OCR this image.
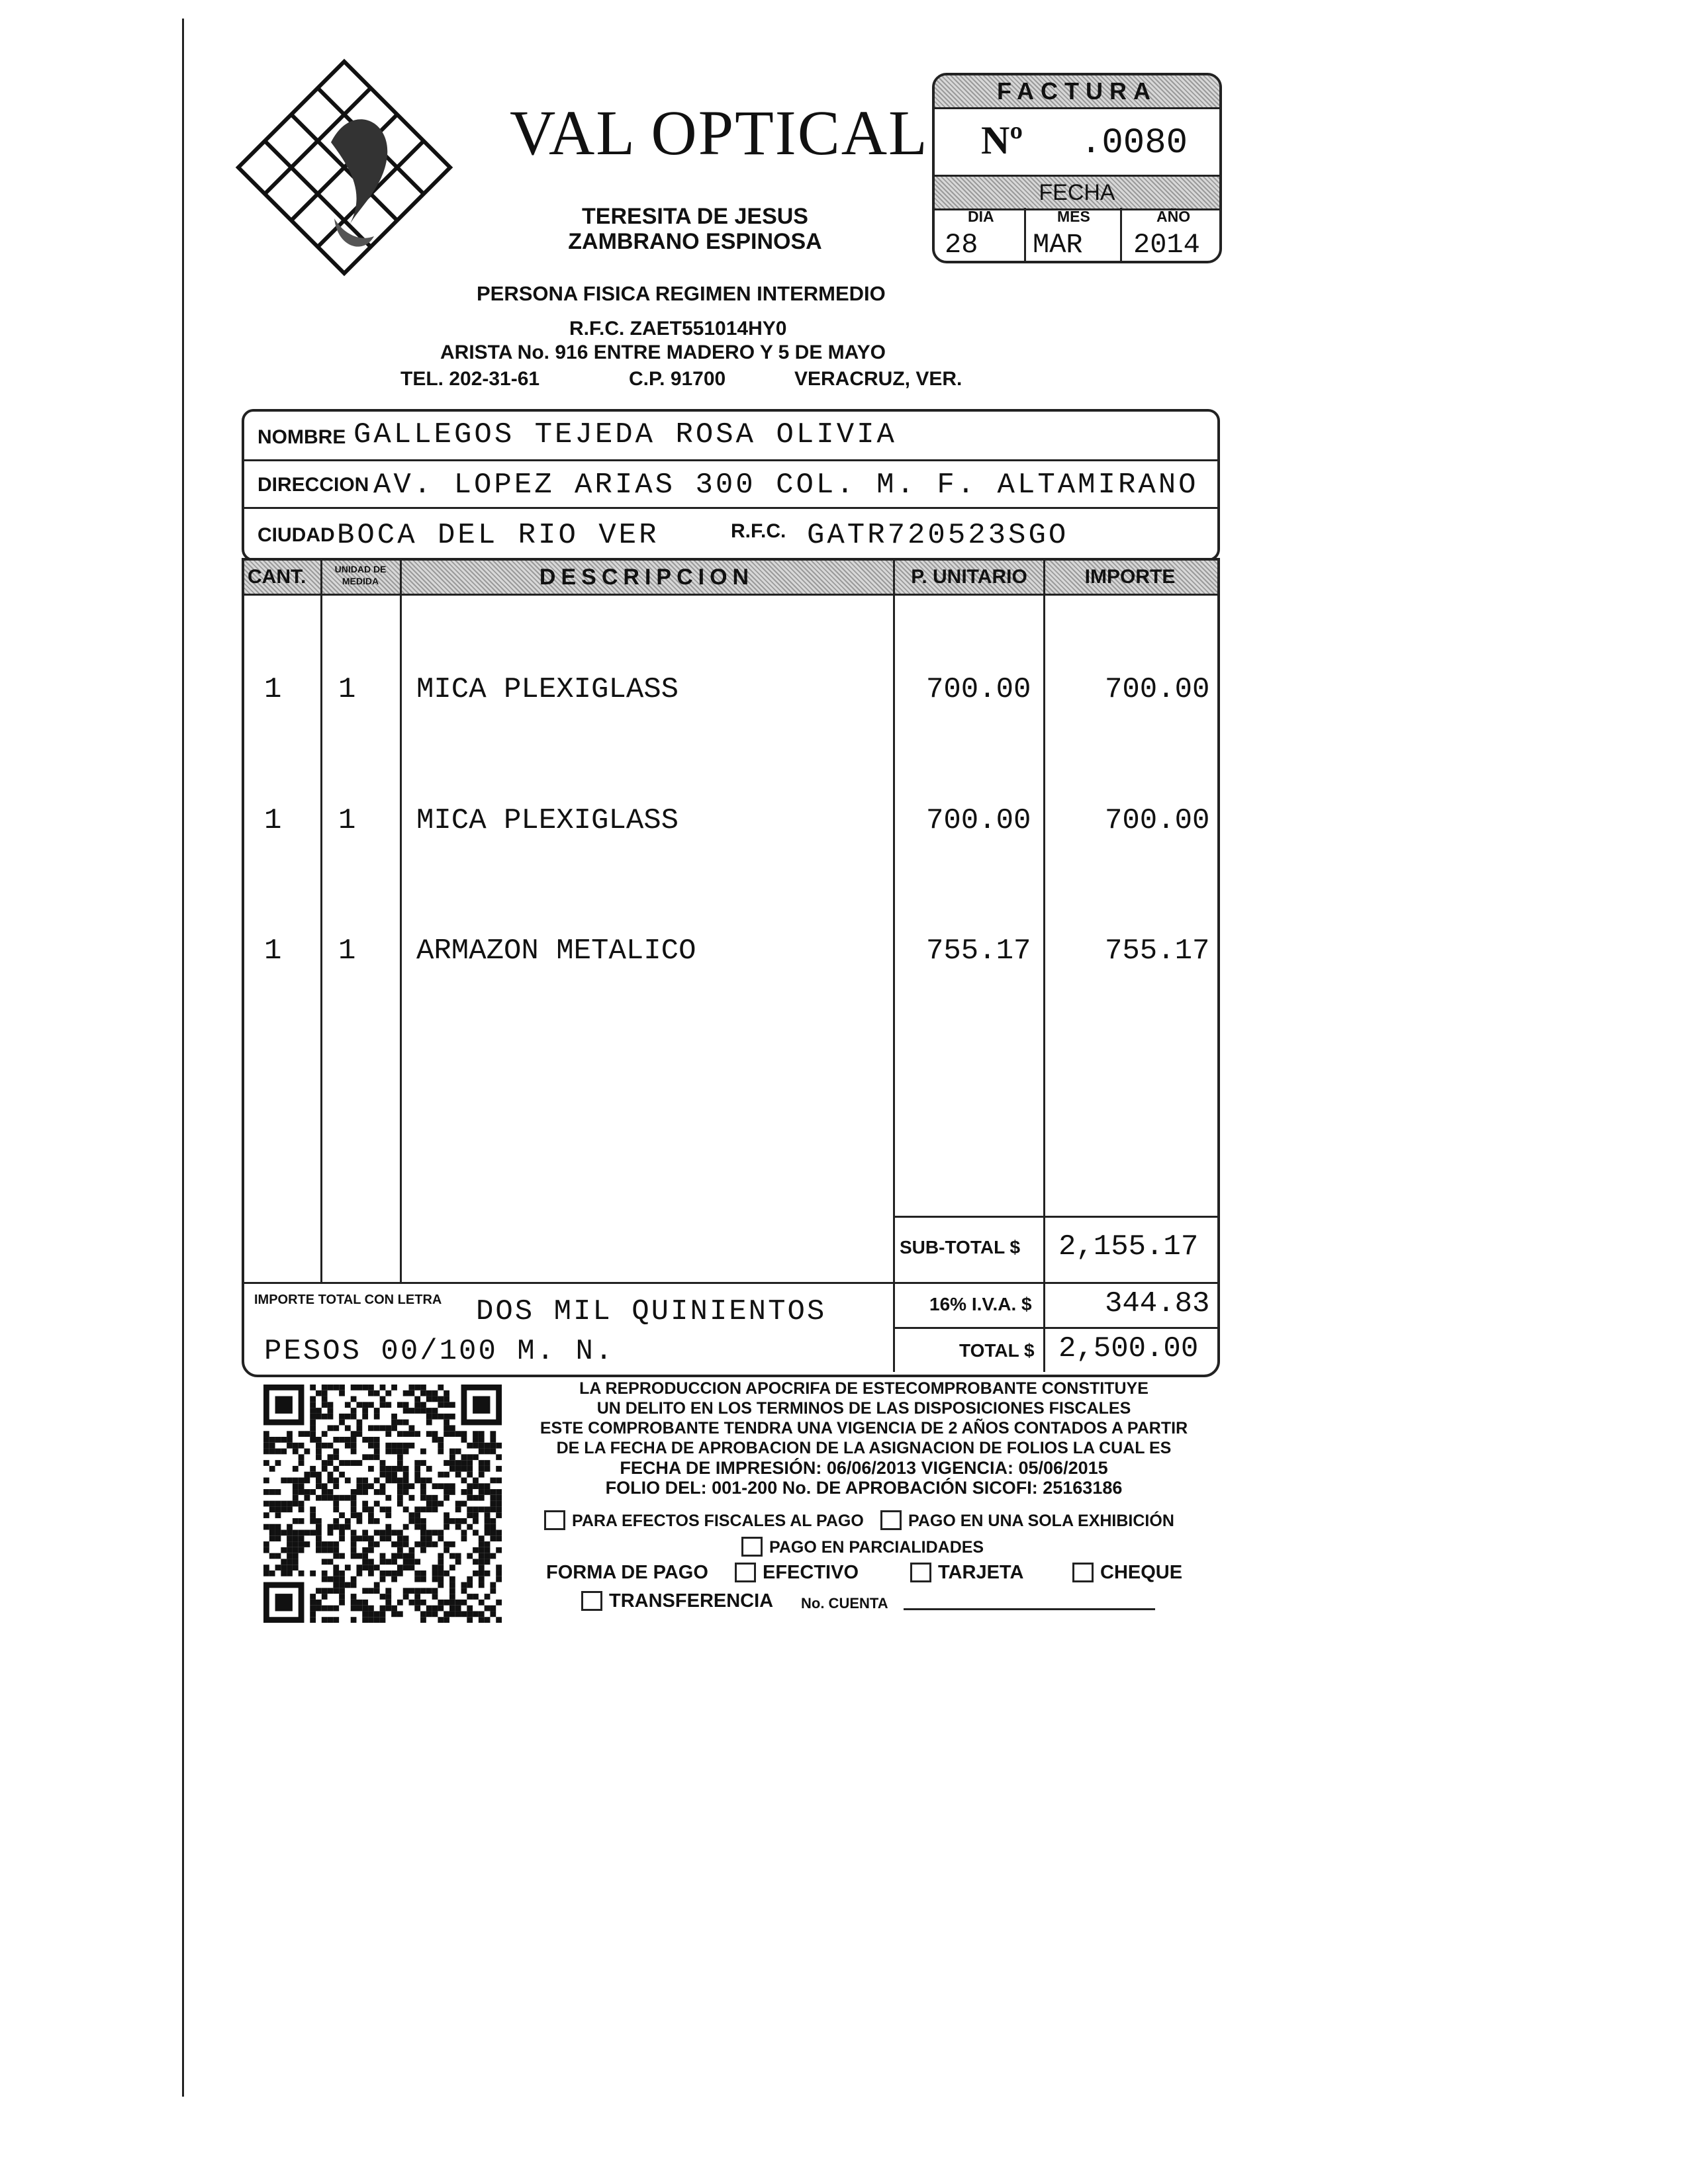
VAL OPTICAL
TERESITA DE JESUS
ZAMBRANO ESPINOSA
PERSONA FISICA REGIMEN INTERMEDIO
R.F.C. ZAET551014HY0
ARISTA No. 916 ENTRE MADERO Y 5 DE MAYO
TEL. 202-31-61	C.P. 91700	VERACRUZ, VER.
FACTURA
Nº .0080
FECHA
DIA	MES	AÑO
28 MAR 2014
NOMBRE GALLEGOS TEJEDA ROSA OLIVIA
DIRECCION AV. LOPEZ ARIAS 300 COL. M. F. ALTAMIRANO
CIUDAD BOCA DEL RIO VER	R.F.C. GATR720523SGO
CANT.	UNIDAD DE MEDIDA	DESCRIPCION	P. UNITARIO	IMPORTE
1 1 MICA PLEXIGLASS	700.00	700.00
1 1 MICA PLEXIGLASS	700.00	700.00
1 1 ARMAZON METALICO	755.17	755.17
SUB-TOTAL $ 2,155.17
IMPORTE TOTAL CON LETRA DOS MIL QUINIENTOS
PESOS 00/100 M. N.
16% I.V.A. $	344.83
TOTAL $ 2,500.00
LA REPRODUCCION APOCRIFA DE ESTECOMPROBANTE CONSTITUYE
UN DELITO EN LOS TERMINOS DE LAS DISPOSICIONES FISCALES
ESTE COMPROBANTE TENDRA UNA VIGENCIA DE 2 AÑOS CONTADOS A PARTIR
DE LA FECHA DE APROBACION DE LA ASIGNACION DE FOLIOS LA CUAL ES
FECHA DE IMPRESIÓN: 06/06/2013 VIGENCIA: 05/06/2015
FOLIO DEL: 001-200 No. DE APROBACIÓN SICOFI: 25163186
PARA EFECTOS FISCALES AL PAGO	PAGO EN UNA SOLA EXHIBICIÓN
PAGO EN PARCIALIDADES
FORMA DE PAGO	EFECTIVO	TARJETA	CHEQUE
TRANSFERENCIA No. CUENTA
